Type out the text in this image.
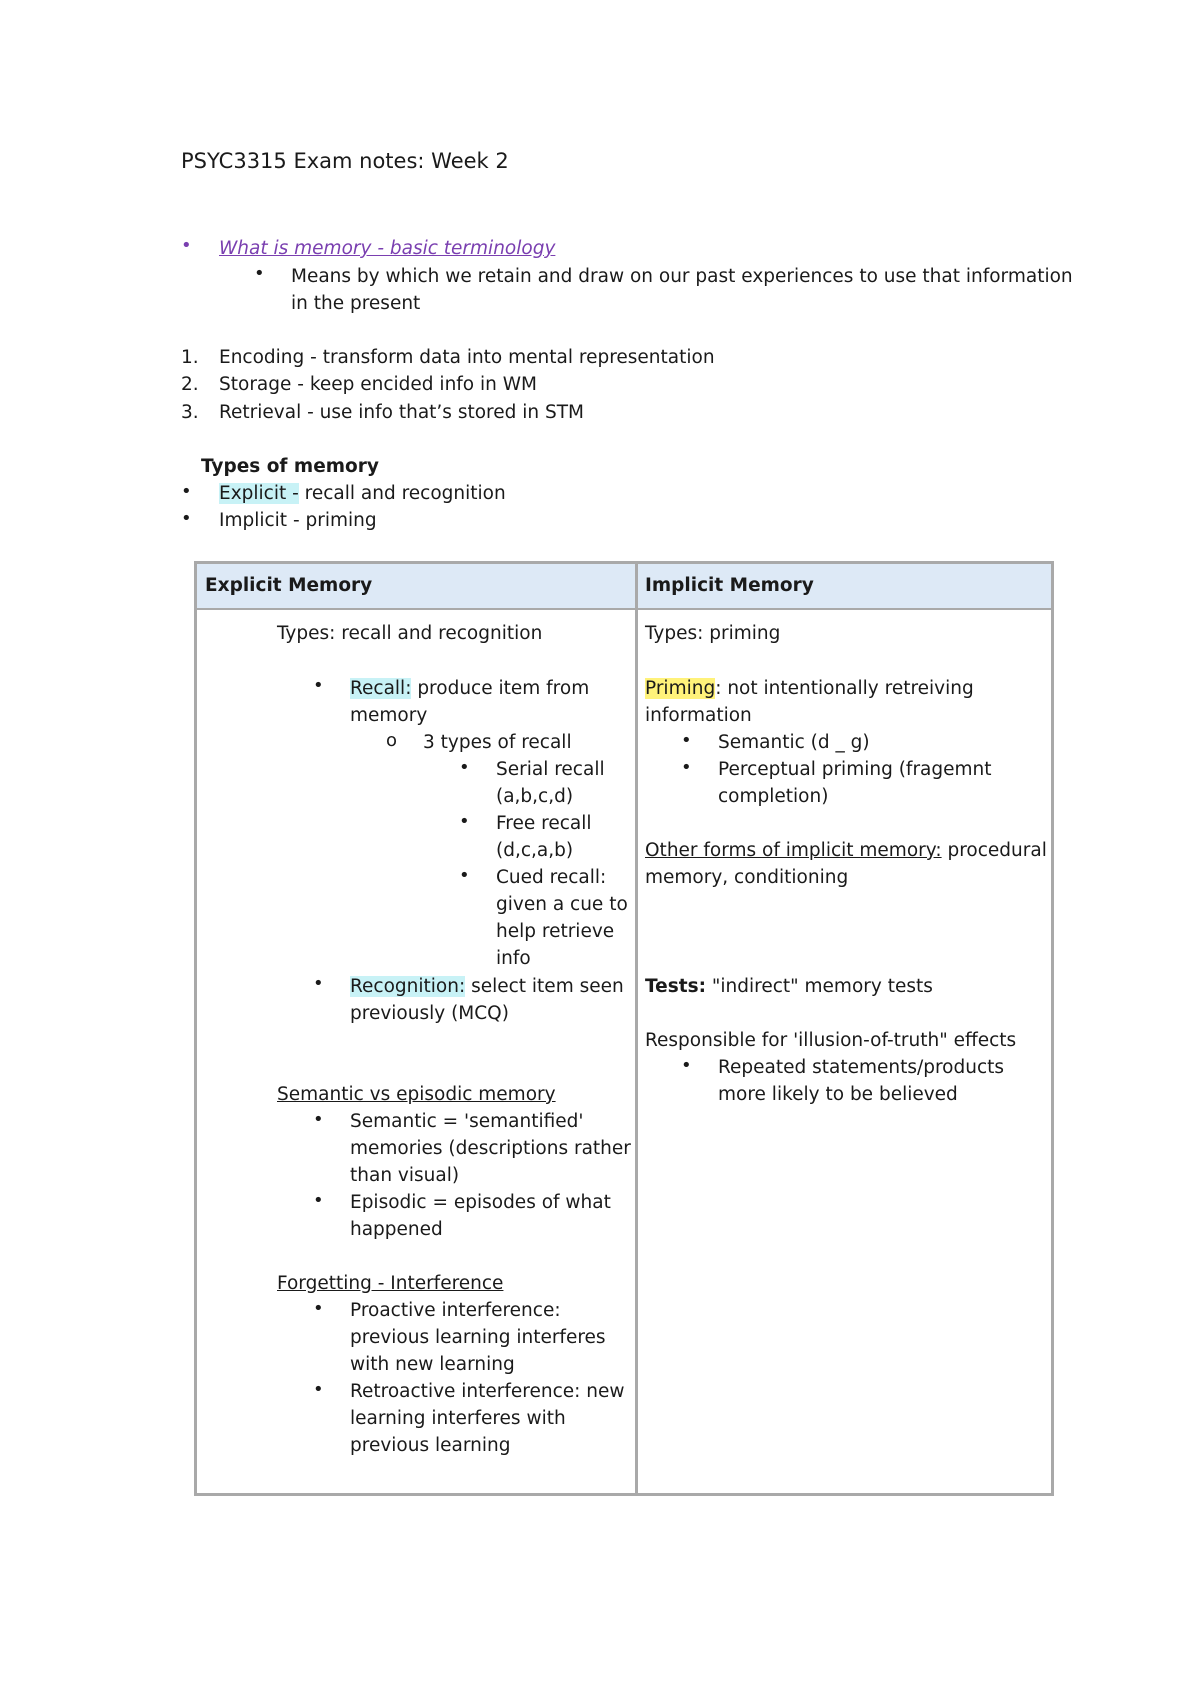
PSYC3315 Exam notes: Week 2
• What is memory - basic terminology
• Means by which we retain and draw on our past experiences to use that information
in the present
1. Encoding - transform data into mental representation
2. Storage - keep encided info in WM
3. Retrieval - use info that’s stored in STM
Types of memory
• Explicit - recall and recognition
• Implicit - priming
Explicit Memory	Implicit Memory
Types: recall and recognition
• Recall: produce item from
memory
o 3 types of recall
• Serial recall
(a,b,c,d)
• Free recall
(d,c,a,b)
• Cued recall:
given a cue to
help retrieve
info
• Recognition: select item seen
previously (MCQ)
Semantic vs episodic memory
• Semantic = 'semantified'
memories (descriptions rather
than visual)
• Episodic = episodes of what
happened
Forgetting - Interference
• Proactive interference:
previous learning interferes
with new learning
• Retroactive interference: new
learning interferes with
previous learning
Types: priming
Priming: not intentionally retreiving
information
• Semantic (d _ g)
• Perceptual priming (fragemnt
completion)
Other forms of implicit memory: procedural
memory, conditioning
Tests: "indirect" memory tests
Responsible for 'illusion-of-truth" effects
• Repeated statements/products
more likely to be believed
